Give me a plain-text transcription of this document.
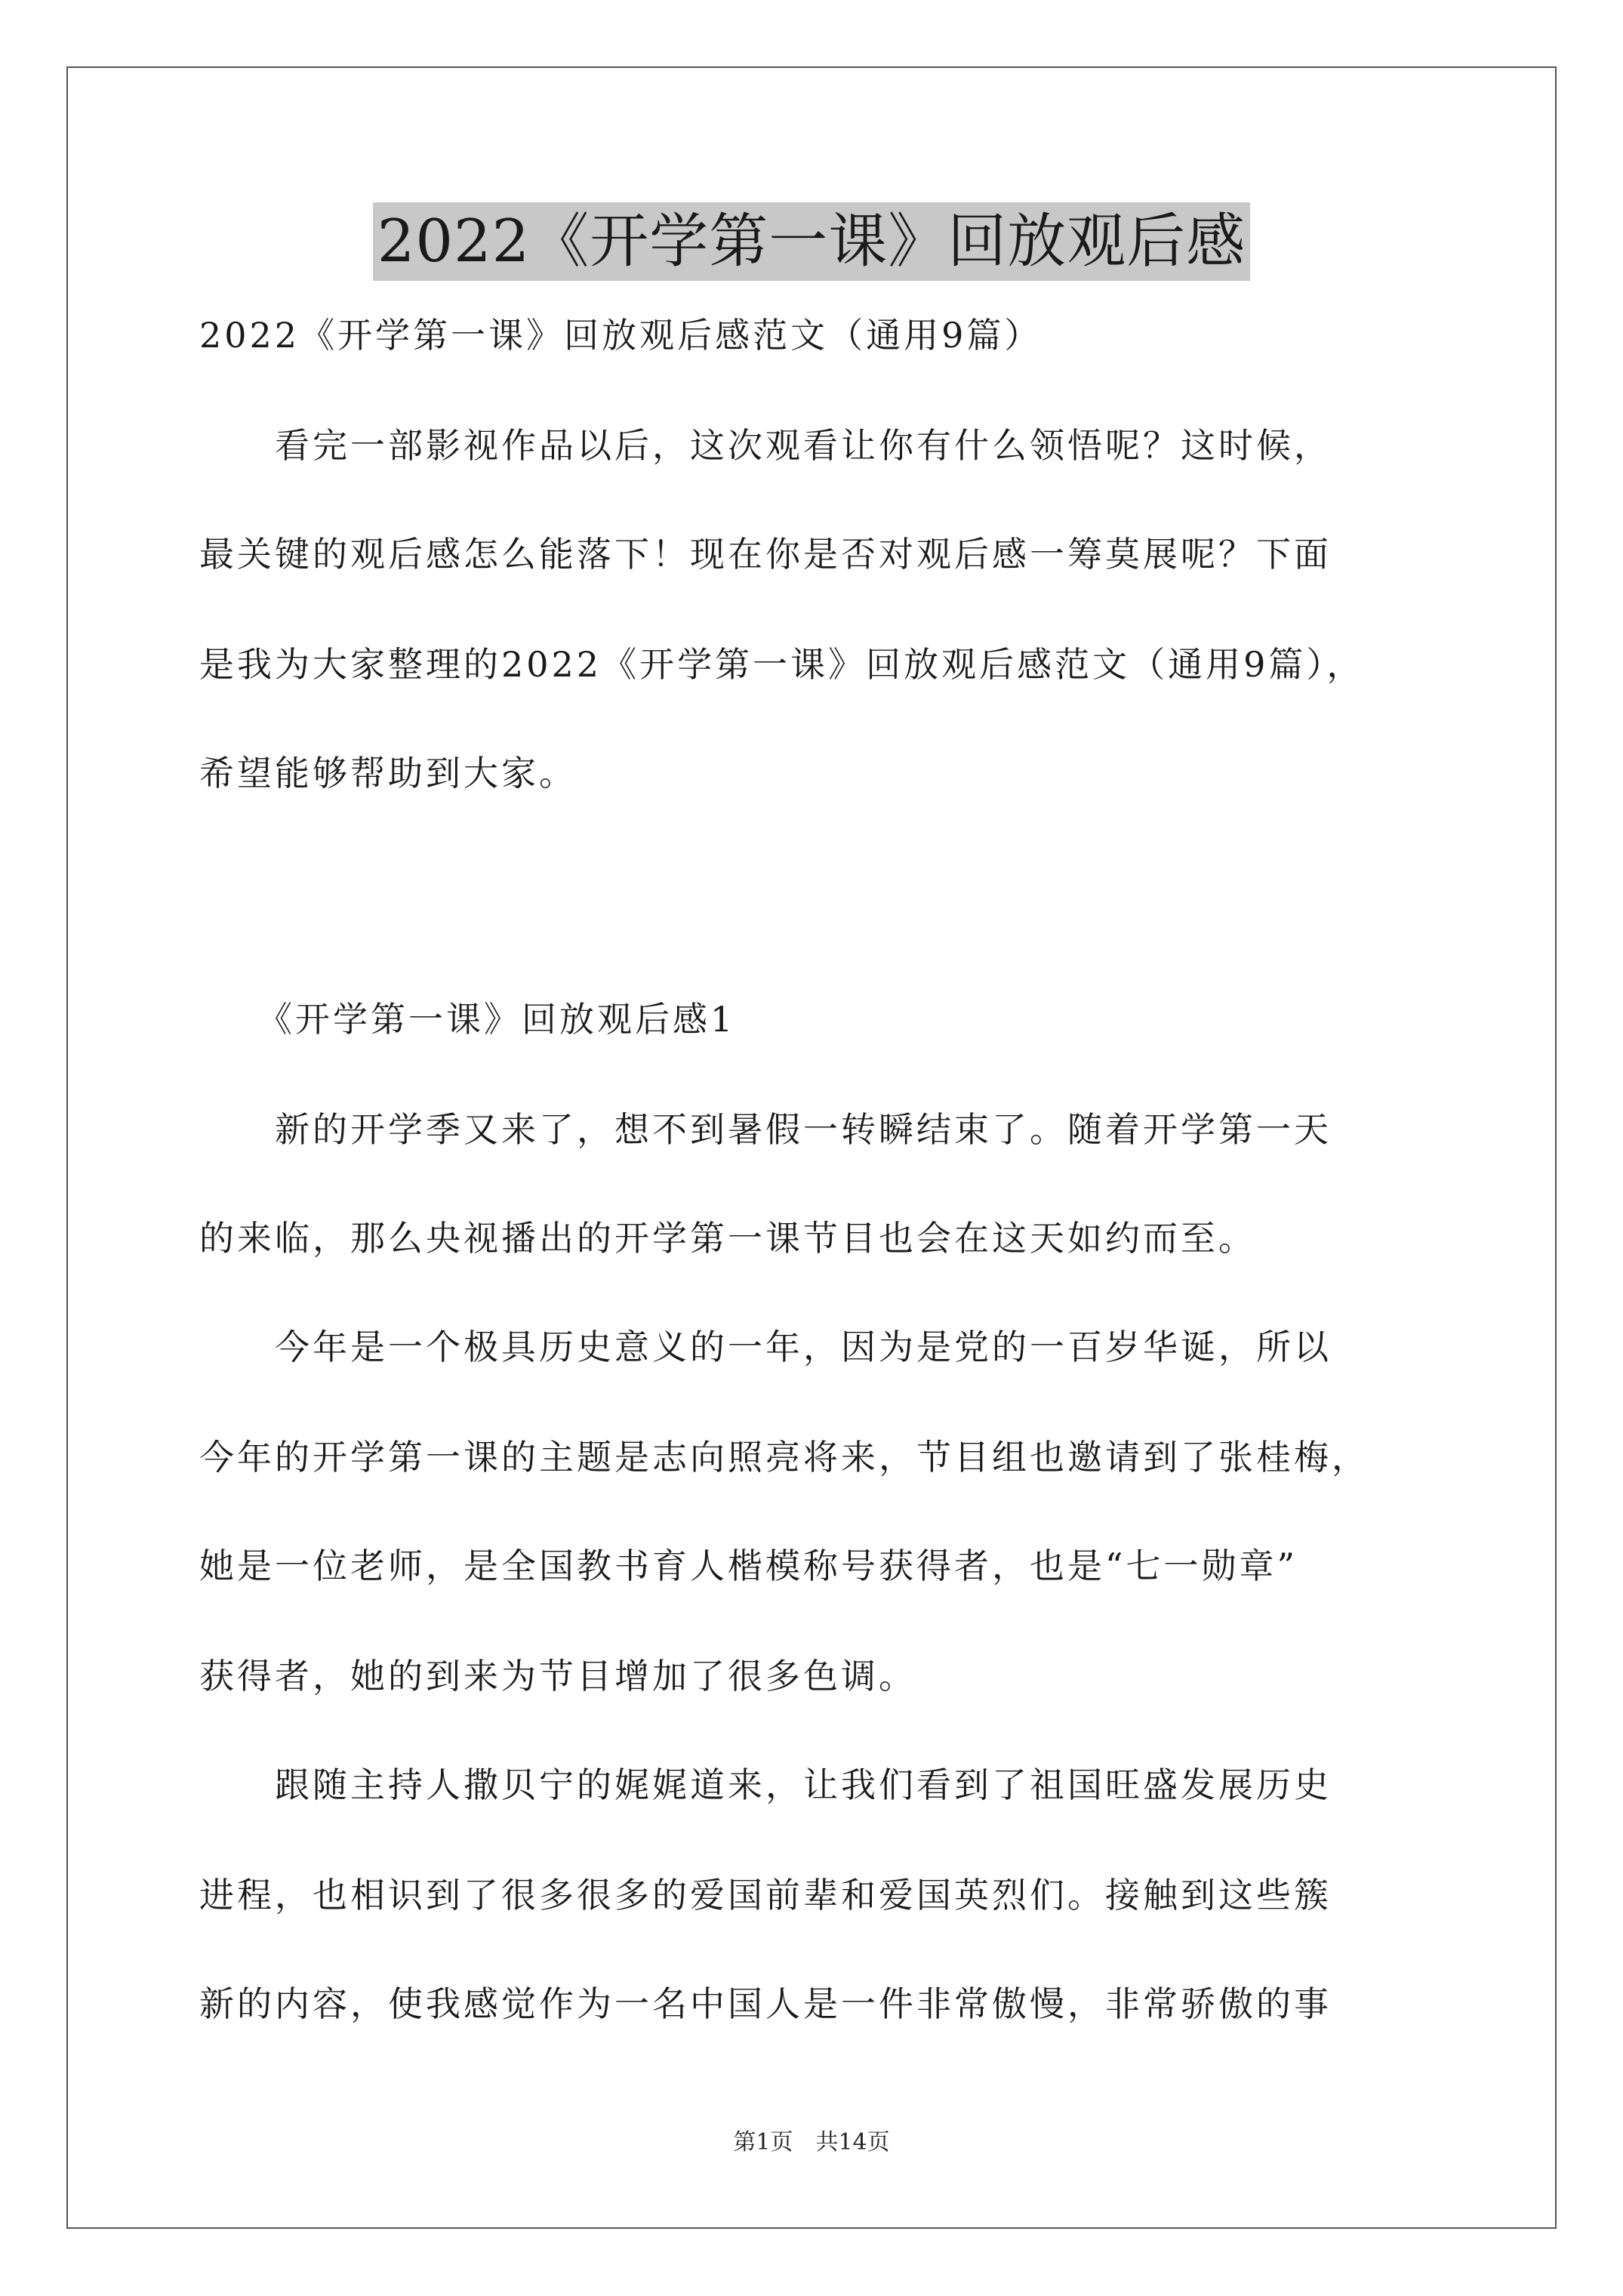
2022《开学第一课》回放观后感
2022《开学第一课》回放观后感范文（通用9篇）
　　看完一部影视作品以后，这次观看让你有什么领悟呢？这时候，
最关键的观后感怎么能落下！现在你是否对观后感一筹莫展呢？下面
是我为大家整理的2022《开学第一课》回放观后感范文（通用9篇），
希望能够帮助到大家。
　　《开学第一课》回放观后感1
　　新的开学季又来了，想不到暑假一转瞬结束了。随着开学第一天
的来临，那么央视播出的开学第一课节目也会在这天如约而至。
　　今年是一个极具历史意义的一年，因为是党的一百岁华诞，所以
今年的开学第一课的主题是志向照亮将来，节目组也邀请到了张桂梅，
她是一位老师，是全国教书育人楷模称号获得者，也是“七一勋章”
获得者，她的到来为节目增加了很多色调。
　　跟随主持人撒贝宁的娓娓道来，让我们看到了祖国旺盛发展历史
进程，也相识到了很多很多的爱国前辈和爱国英烈们。接触到这些簇
新的内容，使我感觉作为一名中国人是一件非常傲慢，非常骄傲的事
第1页　共14页
